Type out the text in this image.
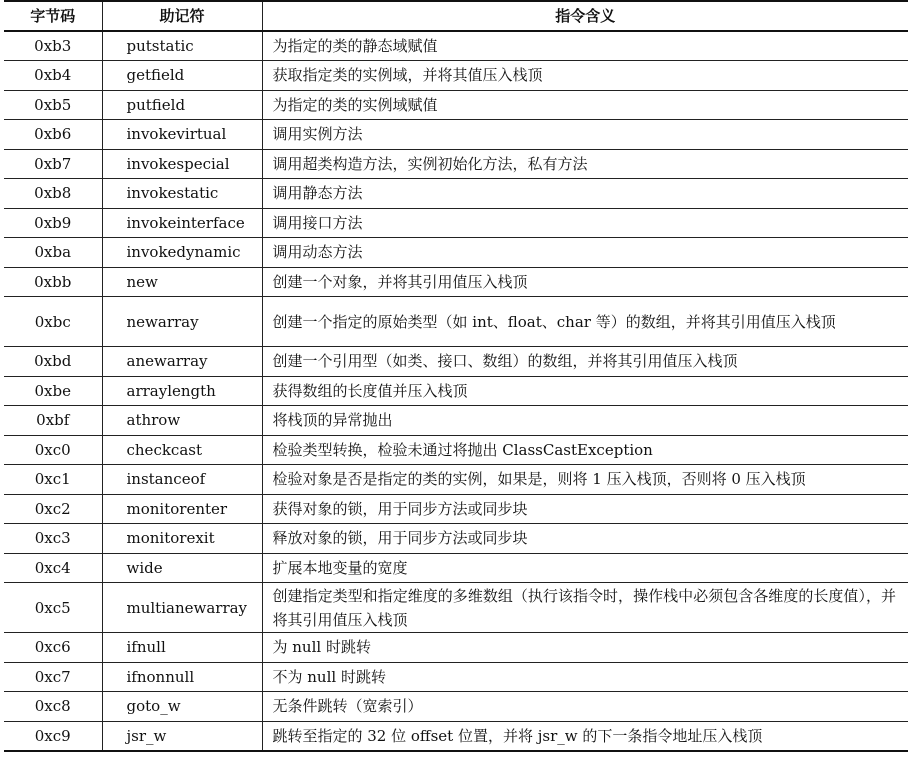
字节码	助记符	指令含义
0xb3	putstatic	为指定的类的静态域赋值
0xb4	getfield	获取指定类的实例域，并将其值压入栈顶
0xb5	putfield	为指定的类的实例域赋值
0xb6	invokevirtual	调用实例方法
0xb7	invokespecial	调用超类构造方法，实例初始化方法，私有方法
0xb8	invokestatic	调用静态方法
0xb9	invokeinterface	调用接口方法
0xba	invokedynamic	调用动态方法
0xbb	new	创建一个对象，并将其引用值压入栈顶
0xbc	newarray	创建一个指定的原始类型（如 int、float、char 等）的数组，并将其引用值压入栈顶
0xbd	anewarray	创建一个引用型（如类、接口、数组）的数组，并将其引用值压入栈顶
0xbe	arraylength	获得数组的长度值并压入栈顶
0xbf	athrow	将栈顶的异常抛出
0xc0	checkcast	检验类型转换，检验未通过将抛出 ClassCastException
0xc1	instanceof	检验对象是否是指定的类的实例，如果是，则将 1 压入栈顶，否则将 0 压入栈顶
0xc2	monitorenter	获得对象的锁，用于同步方法或同步块
0xc3	monitorexit	释放对象的锁，用于同步方法或同步块
0xc4	wide	扩展本地变量的宽度
0xc5	multianewarray	创建指定类型和指定维度的多维数组（执行该指令时，操作栈中必须包含各维度的长度值），并将其引用值压入栈顶
0xc6	ifnull	为 null 时跳转
0xc7	ifnonnull	不为 null 时跳转
0xc8	goto_w	无条件跳转（宽索引）
0xc9	jsr_w	跳转至指定的 32 位 offset 位置，并将 jsr_w 的下一条指令地址压入栈顶
